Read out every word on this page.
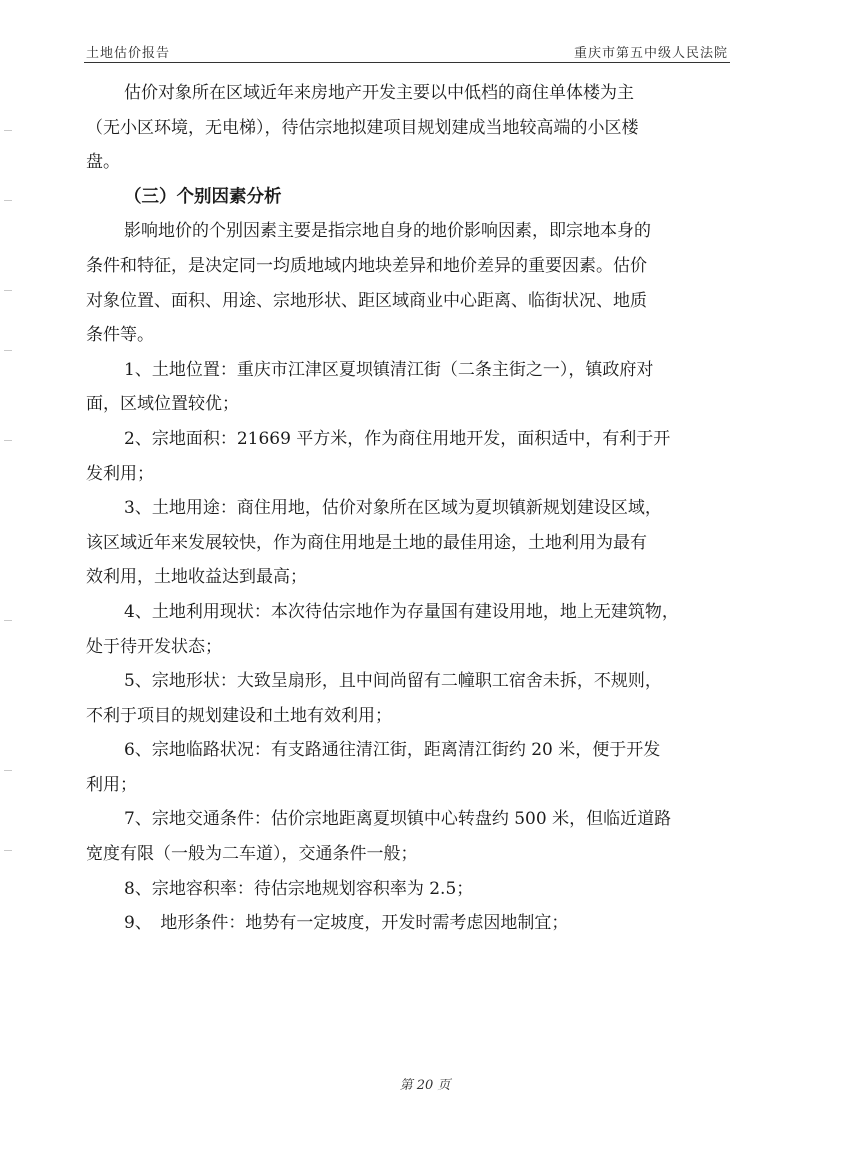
土地估价报告	重庆市第五中级人民法院
估价对象所在区域近年来房地产开发主要以中低档的商住单体楼为主
（无小区环境，无电梯），待估宗地拟建项目规划建成当地较高端的小区楼
盘。
（三）个别因素分析
影响地价的个别因素主要是指宗地自身的地价影响因素，即宗地本身的
条件和特征，是决定同一均质地域内地块差异和地价差异的重要因素。估价
对象位置、面积、用途、宗地形状、距区域商业中心距离、临街状况、地质
条件等。
1、土地位置：重庆市江津区夏坝镇清江街（二条主街之一），镇政府对
面，区域位置较优；
2、宗地面积：21669 平方米，作为商住用地开发，面积适中，有利于开
发利用；
3、土地用途：商住用地，估价对象所在区域为夏坝镇新规划建设区域，
该区域近年来发展较快，作为商住用地是土地的最佳用途，土地利用为最有
效利用，土地收益达到最高；
4、土地利用现状：本次待估宗地作为存量国有建设用地，地上无建筑物，
处于待开发状态；
5、宗地形状：大致呈扇形，且中间尚留有二幢职工宿舍未拆，不规则，
不利于项目的规划建设和土地有效利用；
6、宗地临路状况：有支路通往清江街，距离清江街约 20 米，便于开发
利用；
7、宗地交通条件：估价宗地距离夏坝镇中心转盘约 500 米，但临近道路
宽度有限（一般为二车道），交通条件一般；
8、宗地容积率：待估宗地规划容积率为 2.5；
9、　地形条件：地势有一定坡度，开发时需考虑因地制宜；
第 20 页
